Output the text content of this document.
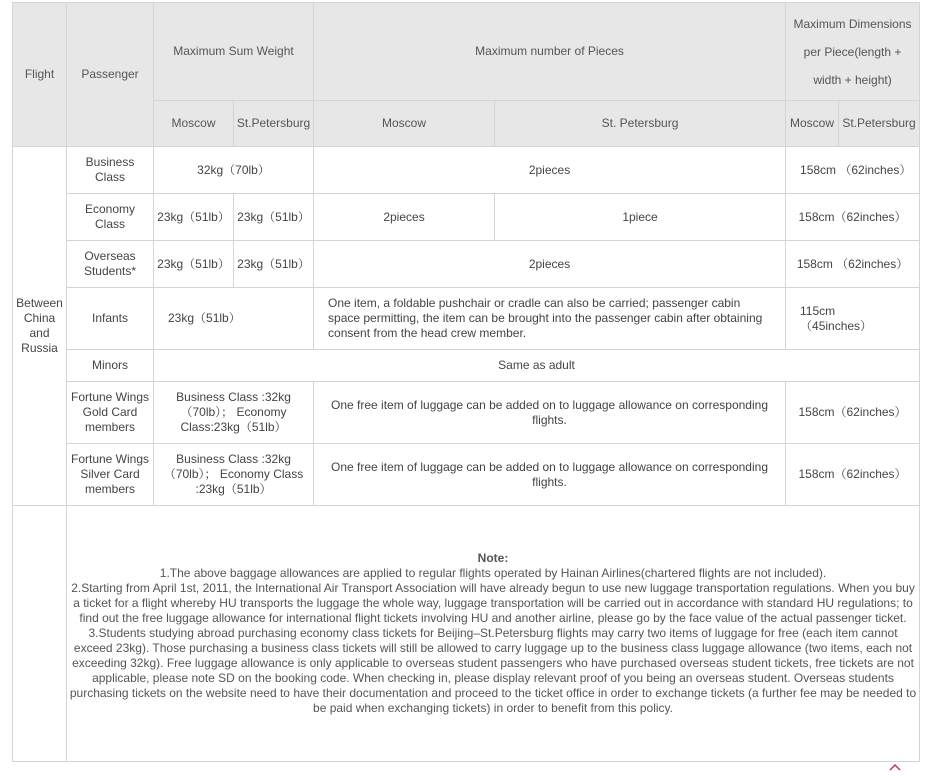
Flight	Passenger	Maximum Sum Weight		Maximum number of Pieces		Maximum Dimensions per Piece(length + width + height)	
		Moscow	St.Petersburg	Moscow	St. Petersburg	Moscow	St.Petersburg
Between China and Russia	Business Class	32kg（70lb）		2pieces		158cm （62inches）	
	Economy Class	23kg（51lb）	23kg（51lb）	2pieces	1piece	158cm（62inches）	
	Overseas Students*	23kg（51lb）	23kg（51lb）	2pieces		158cm （62inches）	
	Infants	23kg（51lb）		One item, a foldable pushchair or cradle can also be carried; passenger cabin space permitting, the item can be brought into the passenger cabin after obtaining consent from the head crew member.		115cm （45inches）	
	Minors	Same as adult					
	Fortune Wings Gold Card members	Business Class :32kg（70lb）； Economy Class:23kg（51lb）		One free item of luggage can be added on to luggage allowance on corresponding flights.		158cm（62inches）	
	Fortune Wings Silver Card members	Business Class :32kg（70lb）； Economy Class :23kg（51lb）		One free item of luggage can be added on to luggage allowance on corresponding flights.		158cm（62inches）	

	Note:
1.The above baggage allowances are applied to regular flights operated by Hainan Airlines(chartered flights are not included).
2.Starting from April 1st, 2011, the International Air Transport Association will have already begun to use new luggage transportation regulations. When you buy a ticket for a flight whereby HU transports the luggage the whole way, luggage transportation will be carried out in accordance with standard HU regulations; to find out the free luggage allowance for international flight tickets involving HU and another airline, please go by the face value of the actual passenger ticket.
3.Students studying abroad purchasing economy class tickets for Beijing–St.Petersburg flights may carry two items of luggage for free (each item cannot exceed 23kg). Those purchasing a business class tickets will still be allowed to carry luggage up to the business class luggage allowance (two items, each not exceeding 32kg). Free luggage allowance is only applicable to overseas student passengers who have purchased overseas student tickets, free tickets are not applicable, please note SD on the booking code. When checking in, please display relevant proof of you being an overseas student. Overseas students purchasing tickets on the website need to have their documentation and proceed to the ticket office in order to exchange tickets (a further fee may be needed to be paid when exchanging tickets) in order to benefit from this policy.						
